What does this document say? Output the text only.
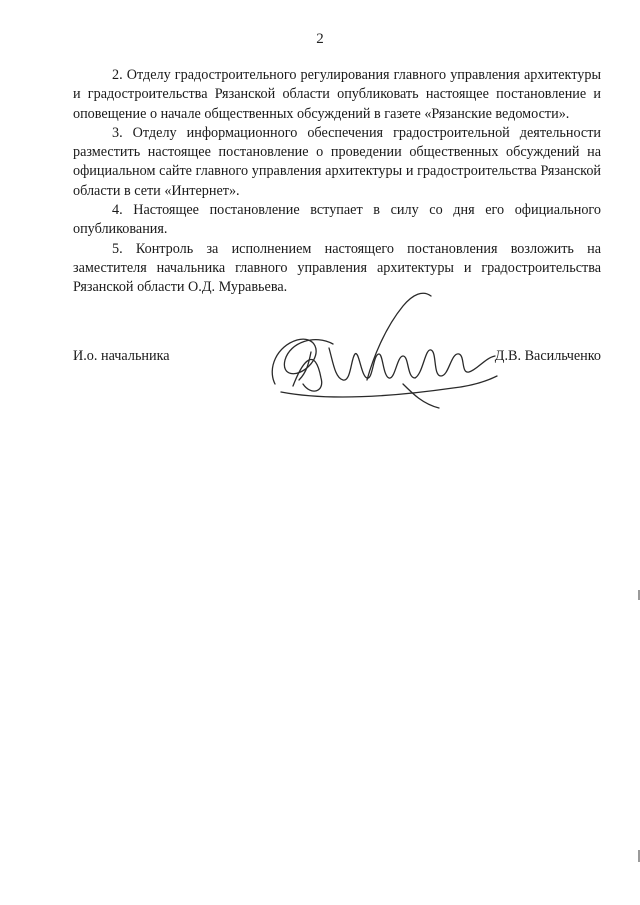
2

2. Отделу градостроительного регулирования главного управления архитектуры и градостроительства Рязанской области опубликовать настоящее постановление и оповещение о начале общественных обсуждений в газете «Рязанские ведомости».

3. Отделу информационного обеспечения градостроительной деятельности разместить настоящее постановление о проведении общественных обсуждений на официальном сайте главного управления архитектуры и градостроительства Рязанской области в сети «Интернет».

4. Настоящее постановление вступает в силу со дня его официального опубликования.

5. Контроль за исполнением настоящего постановления возложить на заместителя начальника главного управления архитектуры и градостроительства Рязанской области О.Д. Муравьева.

И.о. начальника	Д.В. Васильченко
